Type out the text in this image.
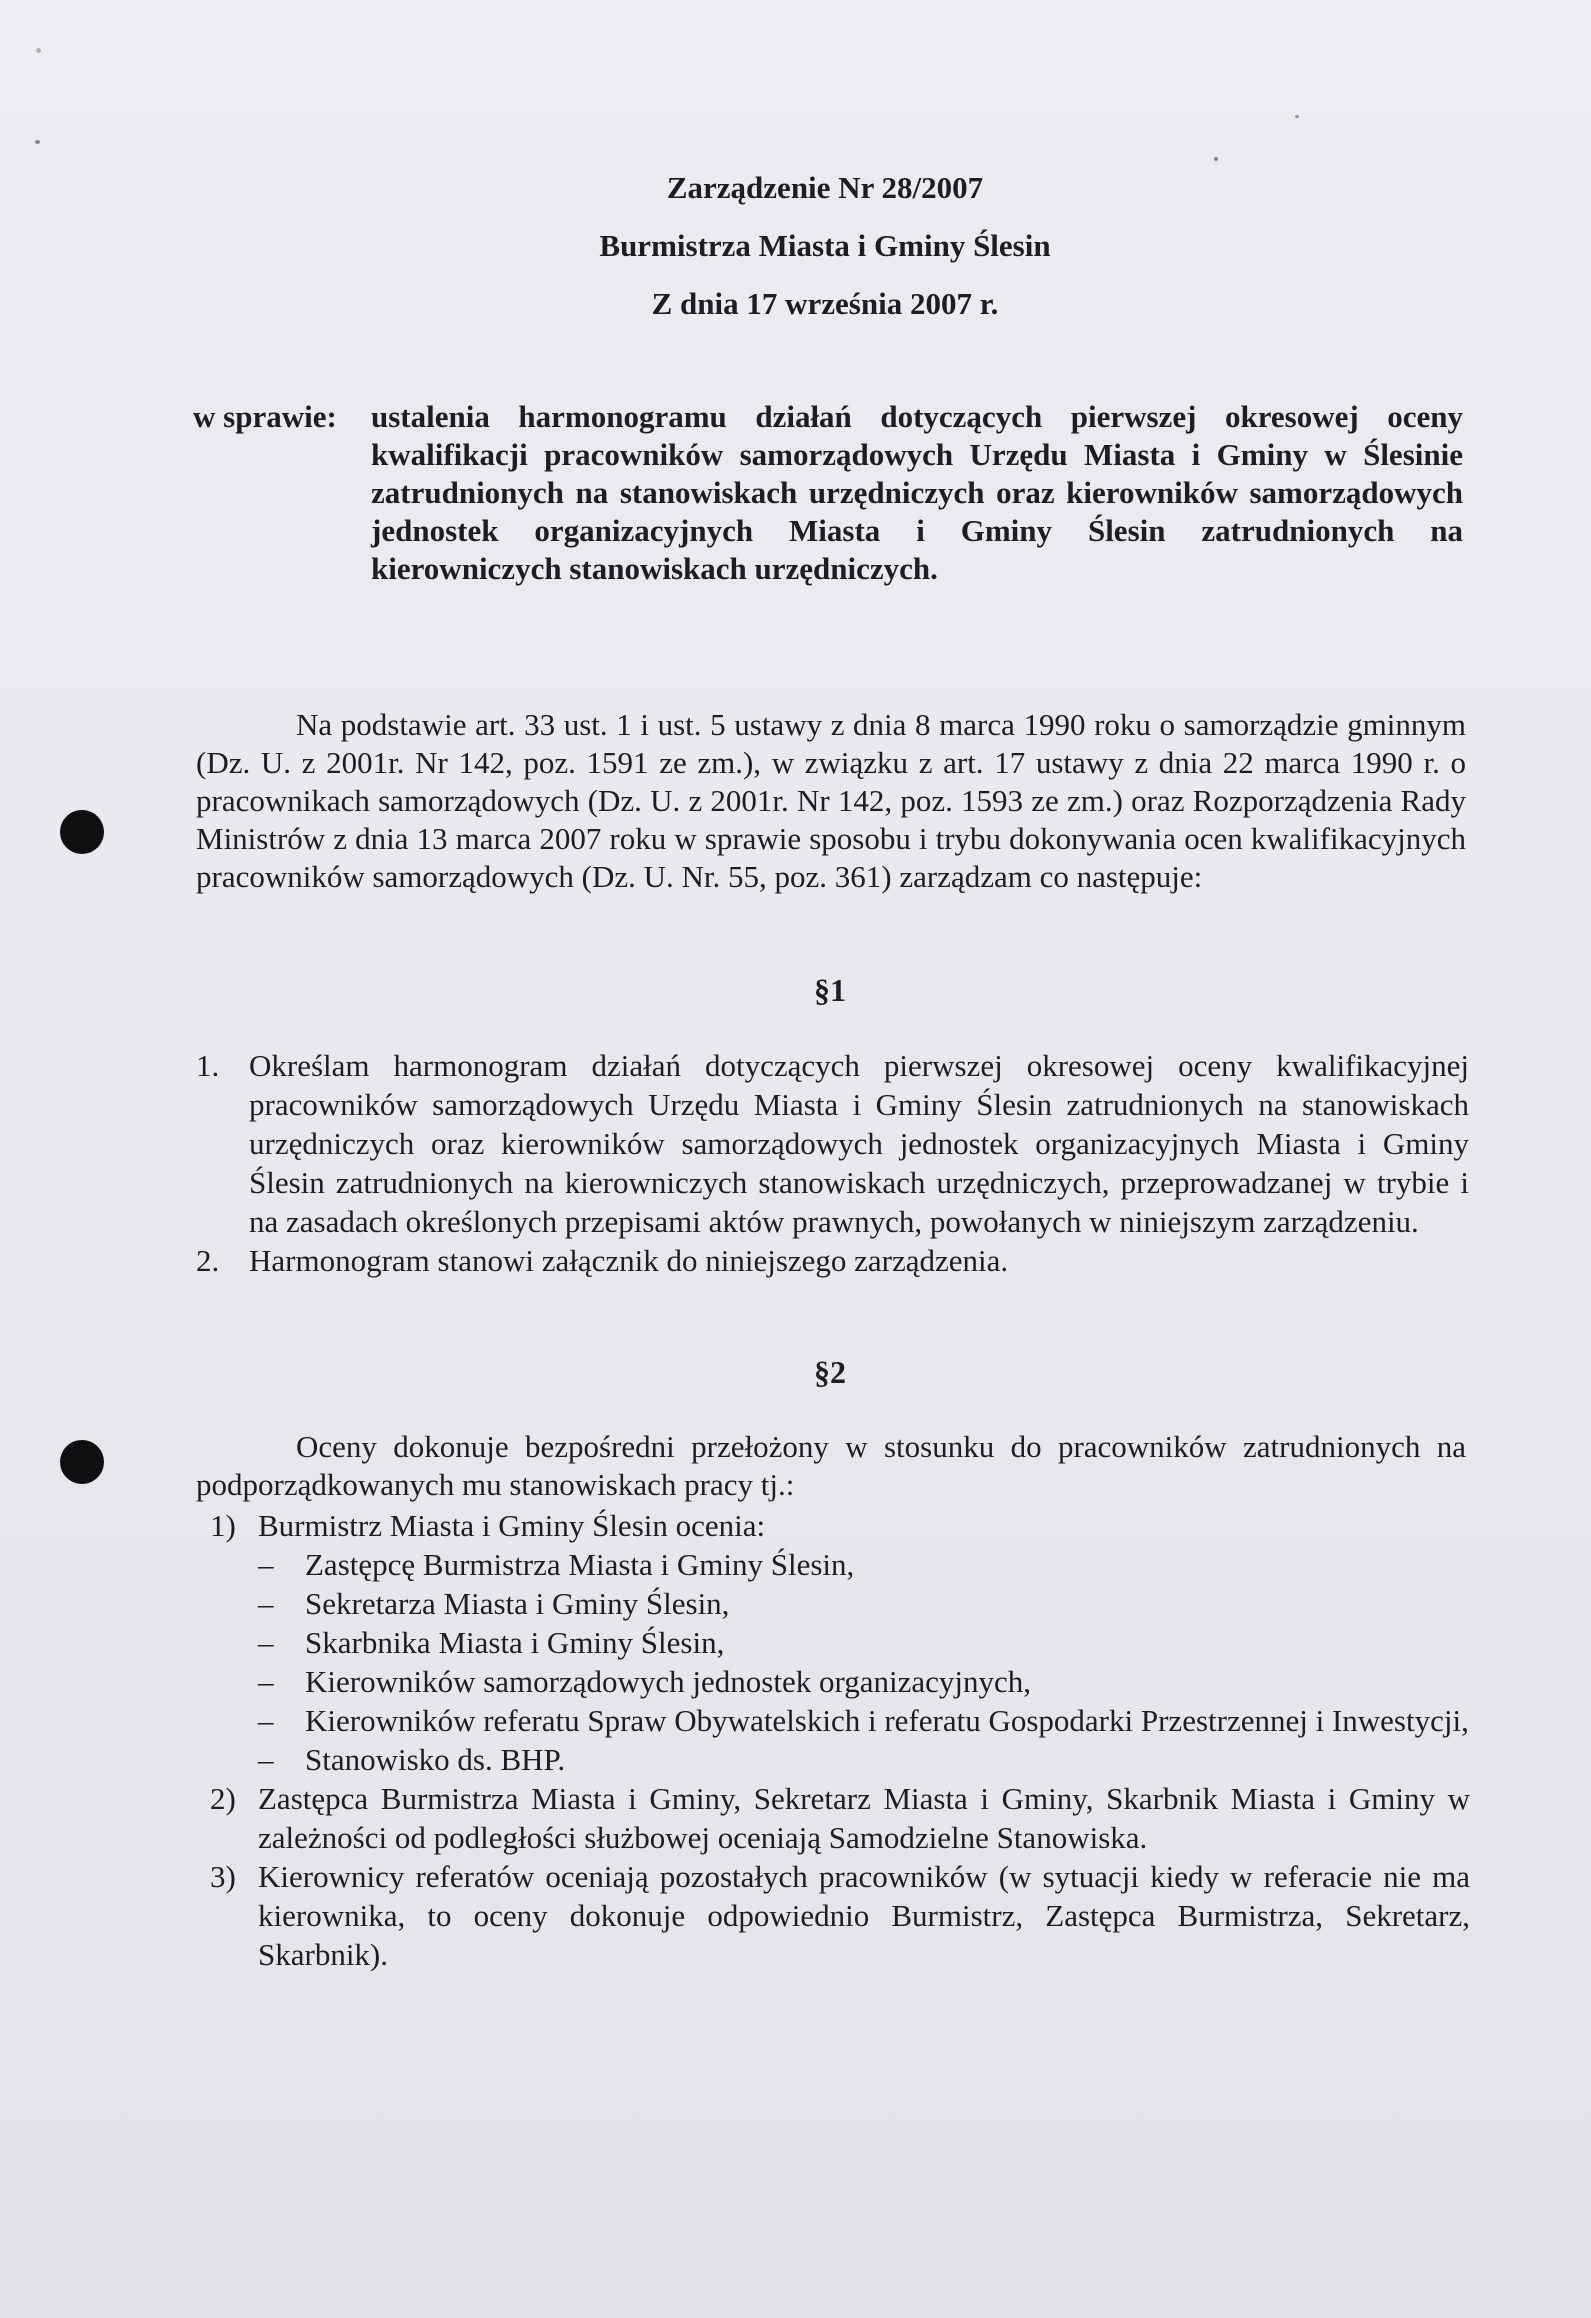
Zarządzenie Nr 28/2007
Burmistrza Miasta i Gminy Ślesin
Z dnia 17 września 2007 r.
w sprawie: ustalenia harmonogramu działań dotyczących pierwszej okresowej oceny kwalifikacji pracowników samorządowych Urzędu Miasta i Gminy w Ślesinie zatrudnionych na stanowiskach urzędniczych oraz kierowników samorządowych jednostek organizacyjnych Miasta i Gminy Ślesin zatrudnionych na kierowniczych stanowiskach urzędniczych.
Na podstawie art. 33 ust. 1 i ust. 5 ustawy z dnia 8 marca 1990 roku o samorządzie gminnym (Dz. U. z 2001r. Nr 142, poz. 1591 ze zm.), w związku z art. 17 ustawy z dnia 22 marca 1990 r. o pracownikach samorządowych (Dz. U. z 2001r. Nr 142, poz. 1593 ze zm.) oraz Rozporządzenia Rady Ministrów z dnia 13 marca 2007 roku w sprawie sposobu i trybu dokonywania ocen kwalifikacyjnych pracowników samorządowych (Dz. U. Nr. 55, poz. 361) zarządzam co następuje:
§1
1. Określam harmonogram działań dotyczących pierwszej okresowej oceny kwalifikacyjnej pracowników samorządowych Urzędu Miasta i Gminy Ślesin zatrudnionych na stanowiskach urzędniczych oraz kierowników samorządowych jednostek organizacyjnych Miasta i Gminy Ślesin zatrudnionych na kierowniczych stanowiskach urzędniczych, przeprowadzanej w trybie i na zasadach określonych przepisami aktów prawnych, powołanych w niniejszym zarządzeniu.
2. Harmonogram stanowi załącznik do niniejszego zarządzenia.
§2
Oceny dokonuje bezpośredni przełożony w stosunku do pracowników zatrudnionych na podporządkowanych mu stanowiskach pracy tj.:
1) Burmistrz Miasta i Gminy Ślesin ocenia:
– Zastępcę Burmistrza Miasta i Gminy Ślesin,
– Sekretarza Miasta i Gminy Ślesin,
– Skarbnika Miasta i Gminy Ślesin,
– Kierowników samorządowych jednostek organizacyjnych,
– Kierowników referatu Spraw Obywatelskich i referatu Gospodarki Przestrzennej i Inwestycji,
– Stanowisko ds. BHP.
2) Zastępca Burmistrza Miasta i Gminy, Sekretarz Miasta i Gminy, Skarbnik Miasta i Gminy w zależności od podległości służbowej oceniają Samodzielne Stanowiska.
3) Kierownicy referatów oceniają pozostałych pracowników (w sytuacji kiedy w referacie nie ma kierownika, to oceny dokonuje odpowiednio Burmistrz, Zastępca Burmistrza, Sekretarz, Skarbnik).
